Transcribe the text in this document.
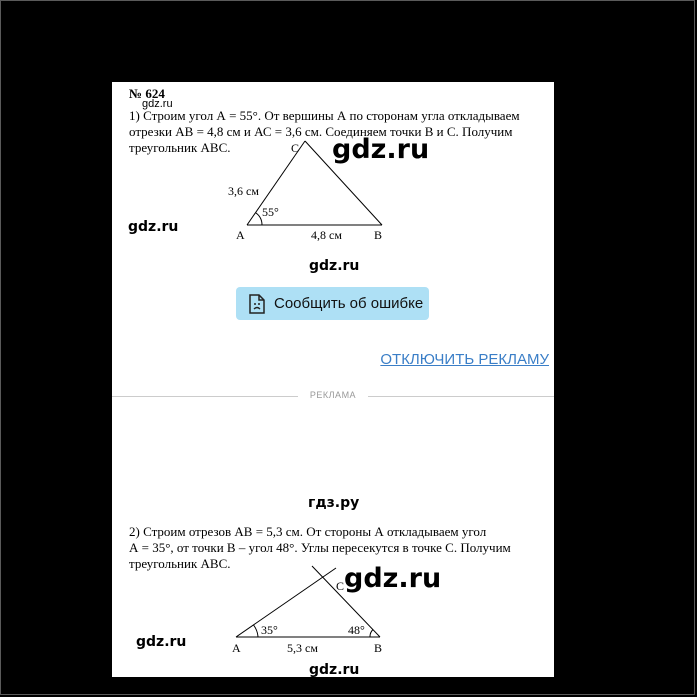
№ 624
gdz.ru
1) Строим угол А = 55°. От вершины А по сторонам угла откладываем
отрезки АВ = 4,8 см и АС = 3,6 см. Соединяем точки В и С. Получим
треугольник АВС.
А	В
С
3,6 см
4,8 см
55°
gdz.ru
gdz.ru
gdz.ru
Сообщить об ошибке
ОТКЛЮЧИТЬ РЕКЛАМУ
РЕКЛАМА
гдз.ру
2) Строим отрезов АВ = 5,3 см. От стороны А откладываем угол
А = 35°, от точки В – угол 48°. Углы пересекутся в точке С. Получим
треугольник АВС.
А	В
С
5,3 см
35°	48°
gdz.ru
gdz.ru
gdz.ru
